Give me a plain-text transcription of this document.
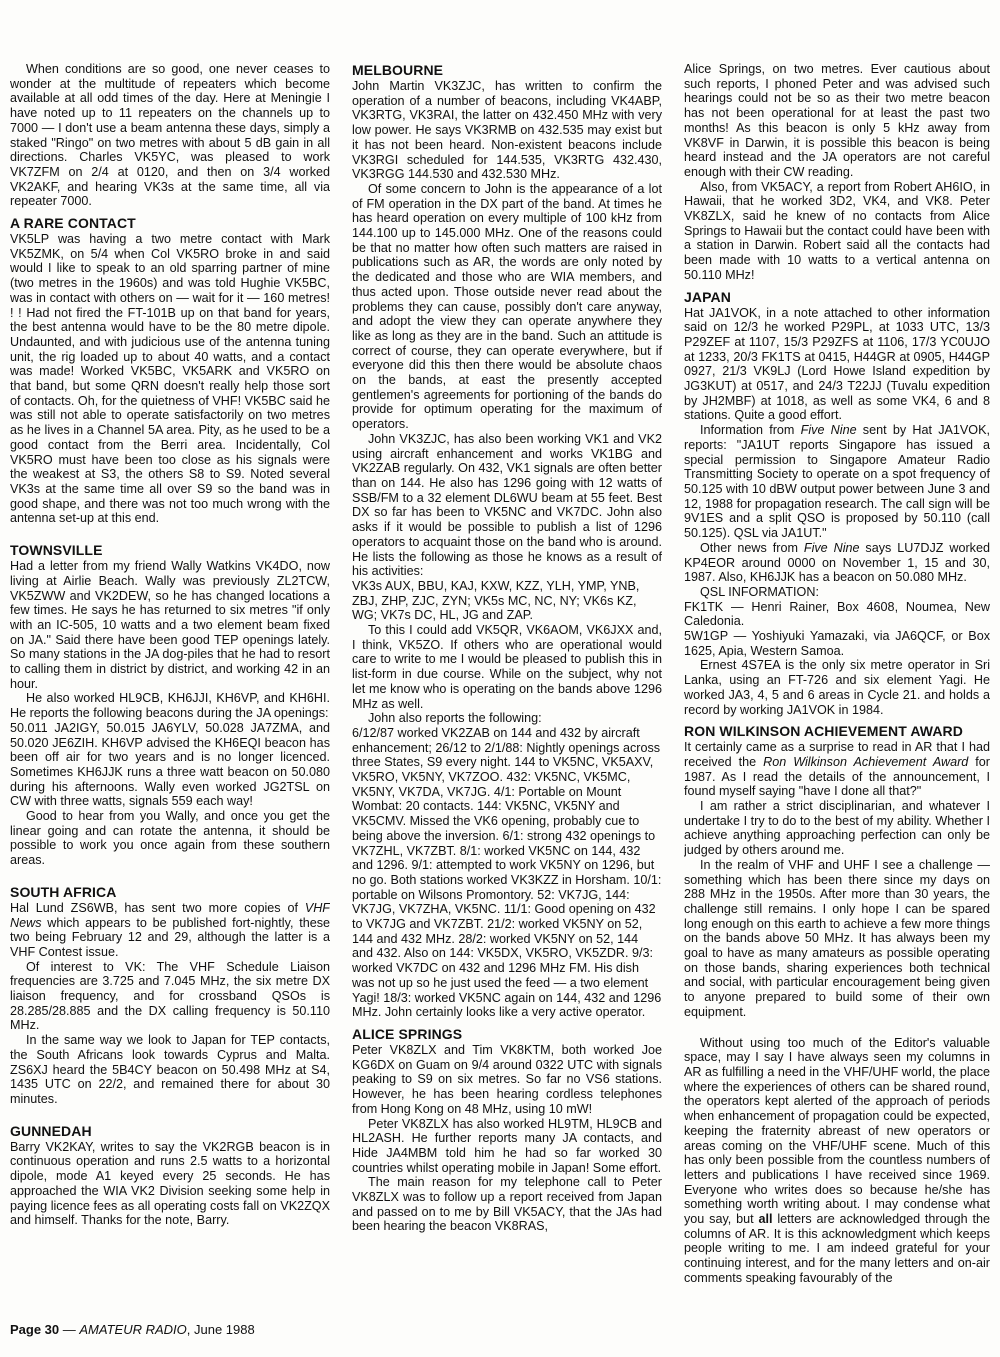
When conditions are so good, one never ceases to wonder at the multitude of repeaters which become available at all odd times of the day. Here at Meningie I have noted up to 11 repeaters on the channels up to 7000 — I don't use a beam antenna these days, simply a staked "Ringo" on two metres with about 5 dB gain in all directions. Charles VK5YC, was pleased to work VK7ZFM on 2/4 at 0120, and then on 3/4 worked VK2AKF, and hearing VK3s at the same time, all via repeater 7000.

A RARE CONTACT

VK5LP was having a two metre contact with Mark VK5ZMK, on 5/4 when Col VK5RO broke in and said would I like to speak to an old sparring partner of mine (two metres in the 1960s) and was told Hughie VK5BC, was in contact with others on — wait for it — 160 metres! ! ! Had not fired the FT-101B up on that band for years, the best antenna would have to be the 80 metre dipole. Undaunted, and with judicious use of the antenna tuning unit, the rig loaded up to about 40 watts, and a contact was made! Worked VK5BC, VK5ARK and VK5RO on that band, but some QRN doesn't really help those sort of contacts. Oh, for the quietness of VHF! VK5BC said he was still not able to operate satisfactorily on two metres as he lives in a Channel 5A area. Pity, as he used to be a good contact from the Berri area. Incidentally, Col VK5RO must have been too close as his signals were the weakest at S3, the others S8 to S9. Noted several VK3s at the same time all over S9 so the band was in good shape, and there was not too much wrong with the antenna set-up at this end.

TOWNSVILLE

Had a letter from my friend Wally Watkins VK4DO, now living at Airlie Beach. Wally was previously ZL2TCW, VK5ZWW and VK2DEW, so he has changed locations a few times. He says he has returned to six metres "if only with an IC-505, 10 watts and a two element beam fixed on JA." Said there have been good TEP openings lately. So many stations in the JA dog-piles that he had to resort to calling them in district by district, and working 42 in an hour.

He also worked HL9CB, KH6JJI, KH6VP, and KH6HI. He reports the following beacons during the JA openings:

50.011 JA2IGY, 50.015 JA6YLV, 50.028 JA7ZMA, and 50.020 JE6ZIH. KH6VP advised the KH6EQI beacon has been off air for two years and is no longer licenced. Sometimes KH6JJK runs a three watt beacon on 50.080 during his afternoons. Wally even worked JG2TSL on CW with three watts, signals 559 each way!

Good to hear from you Wally, and once you get the linear going and can rotate the antenna, it should be possible to work you once again from these southern areas.

SOUTH AFRICA

Hal Lund ZS6WB, has sent two more copies of VHF News which appears to be published fort-nightly, these two being February 12 and 29, although the latter is a VHF Contest issue.

Of interest to VK: The VHF Schedule Liaison frequencies are 3.725 and 7.045 MHz, the six metre DX liaison frequency, and for crossband QSOs is 28.285/28.885 and the DX calling frequency is 50.110 MHz.

In the same way we look to Japan for TEP contacts, the South Africans look towards Cyprus and Malta. ZS6XJ heard the 5B4CY beacon on 50.498 MHz at S4, 1435 UTC on 22/2, and remained there for about 30 minutes.

GUNNEDAH

Barry VK2KAY, writes to say the VK2RGB beacon is in continuous operation and runs 2.5 watts to a horizontal dipole, mode A1 keyed every 25 seconds. He has approached the WIA VK2 Division seeking some help in paying licence fees as all operating costs fall on VK2ZQX and himself. Thanks for the note, Barry.

MELBOURNE

John Martin VK3ZJC, has written to confirm the operation of a number of beacons, including VK4ABP, VK3RTG, VK3RAI, the latter on 432.450 MHz with very low power. He says VK3RMB on 432.535 may exist but it has not been heard. Non-existent beacons include VK3RGI scheduled for 144.535, VK3RTG 432.430, VK3RGG 144.530 and 432.530 MHz.

Of some concern to John is the appearance of a lot of FM operation in the DX part of the band. At times he has heard operation on every multiple of 100 kHz from 144.100 up to 145.000 MHz. One of the reasons could be that no matter how often such matters are raised in publications such as AR, the words are only noted by the dedicated and those who are WIA members, and thus acted upon. Those outside never read about the problems they can cause, possibly don't care anyway, and adopt the view they can operate anywhere they like as long as they are in the band. Such an attitude is correct of course, they can operate everywhere, but if everyone did this then there would be absolute chaos on the bands, at east the presently accepted gentlemen's agreements for portioning of the bands do provide for optimum operating for the maximum of operators.

John VK3ZJC, has also been working VK1 and VK2 using aircraft enhancement and works VK1BG and VK2ZAB regularly. On 432, VK1 signals are often better than on 144. He also has 1296 going with 12 watts of SSB/FM to a 32 element DL6WU beam at 55 feet. Best DX so far has been to VK5NC and VK7DC. John also asks if it would be possible to publish a list of 1296 operators to acquaint those on the band who is around. He lists the following as those he knows as a result of his activities:

VK3s AUX, BBU, KAJ, KXW, KZZ, YLH, YMP, YNB, ZBJ, ZHP, ZJC, ZYN; VK5s MC, NC, NY; VK6s KZ, WG; VK7s DC, HL, JG and ZAP.

To this I could add VK5QR, VK6AOM, VK6JXX and, I think, VK5ZO. If others who are operational would care to write to me I would be pleased to publish this in list-form in due course. While on the subject, why not let me know who is operating on the bands above 1296 MHz as well.

John also reports the following:

6/12/87 worked VK2ZAB on 144 and 432 by aircraft enhancement; 26/12 to 2/1/88: Nightly openings across three States, S9 every night. 144 to VK5NC, VK5AXV, VK5RO, VK5NY, VK7ZOO. 432: VK5NC, VK5MC, VK5NY, VK7DA, VK7JG. 4/1: Portable on Mount Wombat: 20 contacts. 144: VK5NC, VK5NY and VK5CMV. Missed the VK6 opening, probably cue to being above the inversion. 6/1: strong 432 openings to VK7ZHL, VK7ZBT. 8/1: worked VK5NC on 144, 432 and 1296. 9/1: attempted to work VK5NY on 1296, but no go. Both stations worked VK3KZZ in Horsham. 10/1: portable on Wilsons Promontory. 52: VK7JG, 144: VK7JG, VK7ZHA, VK5NC. 11/1: Good opening on 432 to VK7JG and VK7ZBT. 21/2: worked VK5NY on 52, 144 and 432 MHz. 28/2: worked VK5NY on 52, 144 and 432. Also on 144: VK5DX, VK5RO, VK5ZDR. 9/3: worked VK7DC on 432 and 1296 MHz FM. His dish was not up so he just used the feed — a two element Yagi! 18/3: worked VK5NC again on 144, 432 and 1296 MHz. John certainly looks like a very active operator.

ALICE SPRINGS

Peter VK8ZLX and Tim VK8KTM, both worked Joe KG6DX on Guam on 9/4 around 0322 UTC with signals peaking to S9 on six metres. So far no VS6 stations. However, he has been hearing cordless telephones from Hong Kong on 48 MHz, using 10 mW!

Peter VK8ZLX has also worked HL9TM, HL9CB and HL2ASH. He further reports many JA contacts, and Hide JA4MBM told him he had so far worked 30 countries whilst operating mobile in Japan! Some effort.

The main reason for my telephone call to Peter VK8ZLX was to follow up a report received from Japan and passed on to me by Bill VK5ACY, that the JAs had been hearing the beacon VK8RAS,

Alice Springs, on two metres. Ever cautious about such reports, I phoned Peter and was advised such hearings could not be so as their two metre beacon has not been operational for at least the past two months! As this beacon is only 5 kHz away from VK8VF in Darwin, it is possible this beacon is being heard instead and the JA operators are not careful enough with their CW reading.

Also, from VK5ACY, a report from Robert AH6IO, in Hawaii, that he worked 3D2, VK4, and VK8. Peter VK8ZLX, said he knew of no contacts from Alice Springs to Hawaii but the contact could have been with a station in Darwin. Robert said all the contacts had been made with 10 watts to a vertical antenna on 50.110 MHz!

JAPAN

Hat JA1VOK, in a note attached to other information said on 12/3 he worked P29PL, at 1033 UTC, 13/3 P29ZEF at 1107, 15/3 P29ZFS at 1106, 17/3 YC0UJO at 1233, 20/3 FK1TS at 0415, H44GR at 0905, H44GP 0927, 21/3 VK9LJ (Lord Howe Island expedition by JG3KUT) at 0517, and 24/3 T22JJ (Tuvalu expedition by JH2MBF) at 1018, as well as some VK4, 6 and 8 stations. Quite a good effort.

Information from Five Nine sent by Hat JA1VOK, reports: "JA1UT reports Singapore has issued a special permission to Singapore Amateur Radio Transmitting Society to operate on a spot frequency of 50.125 with 10 dBW output power between June 3 and 12, 1988 for propagation research. The call sign will be 9V1ES and a split QSO is proposed by 50.110 (call 50.125). QSL via JA1UT."

Other news from Five Nine says LU7DJZ worked KP4EOR around 0000 on November 1, 15 and 30, 1987. Also, KH6JJK has a beacon on 50.080 MHz.

QSL INFORMATION:

FK1TK — Henri Rainer, Box 4608, Noumea, New Caledonia.

5W1GP — Yoshiyuki Yamazaki, via JA6QCF, or Box 1625, Apia, Western Samoa.

Ernest 4S7EA is the only six metre operator in Sri Lanka, using an FT-726 and six element Yagi. He worked JA3, 4, 5 and 6 areas in Cycle 21. and holds a record by working JA1VOK in 1984.

RON WILKINSON ACHIEVEMENT AWARD

It certainly came as a surprise to read in AR that I had received the Ron Wilkinson Achievement Award for 1987. As I read the details of the announcement, I found myself saying "have I done all that?"

I am rather a strict disciplinarian, and whatever I undertake I try to do to the best of my ability. Whether I achieve anything approaching perfection can only be judged by others around me.

In the realm of VHF and UHF I see a challenge — something which has been there since my days on 288 MHz in the 1950s. After more than 30 years, the challenge still remains. I only hope I can be spared long enough on this earth to achieve a few more things on the bands above 50 MHz. It has always been my goal to have as many amateurs as possible operating on those bands, sharing experiences both technical and social, with particular encouragement being given to anyone prepared to build some of their own equipment.

Without using too much of the Editor's valuable space, may I say I have always seen my columns in AR as fulfilling a need in the VHF/UHF world, the place where the experiences of others can be shared round, the operators kept alerted of the approach of periods when enhancement of propagation could be expected, keeping the fraternity abreast of new operators or areas coming on the VHF/UHF scene. Much of this has only been possible from the countless numbers of letters and publications I have received since 1969. Everyone who writes does so because he/she has something worth writing about. I may condense what you say, but all letters are acknowledged through the columns of AR. It is this acknowledgment which keeps people writing to me. I am indeed grateful for your continuing interest, and for the many letters and on-air comments speaking favourably of the

Page 30 — AMATEUR RADIO, June 1988
